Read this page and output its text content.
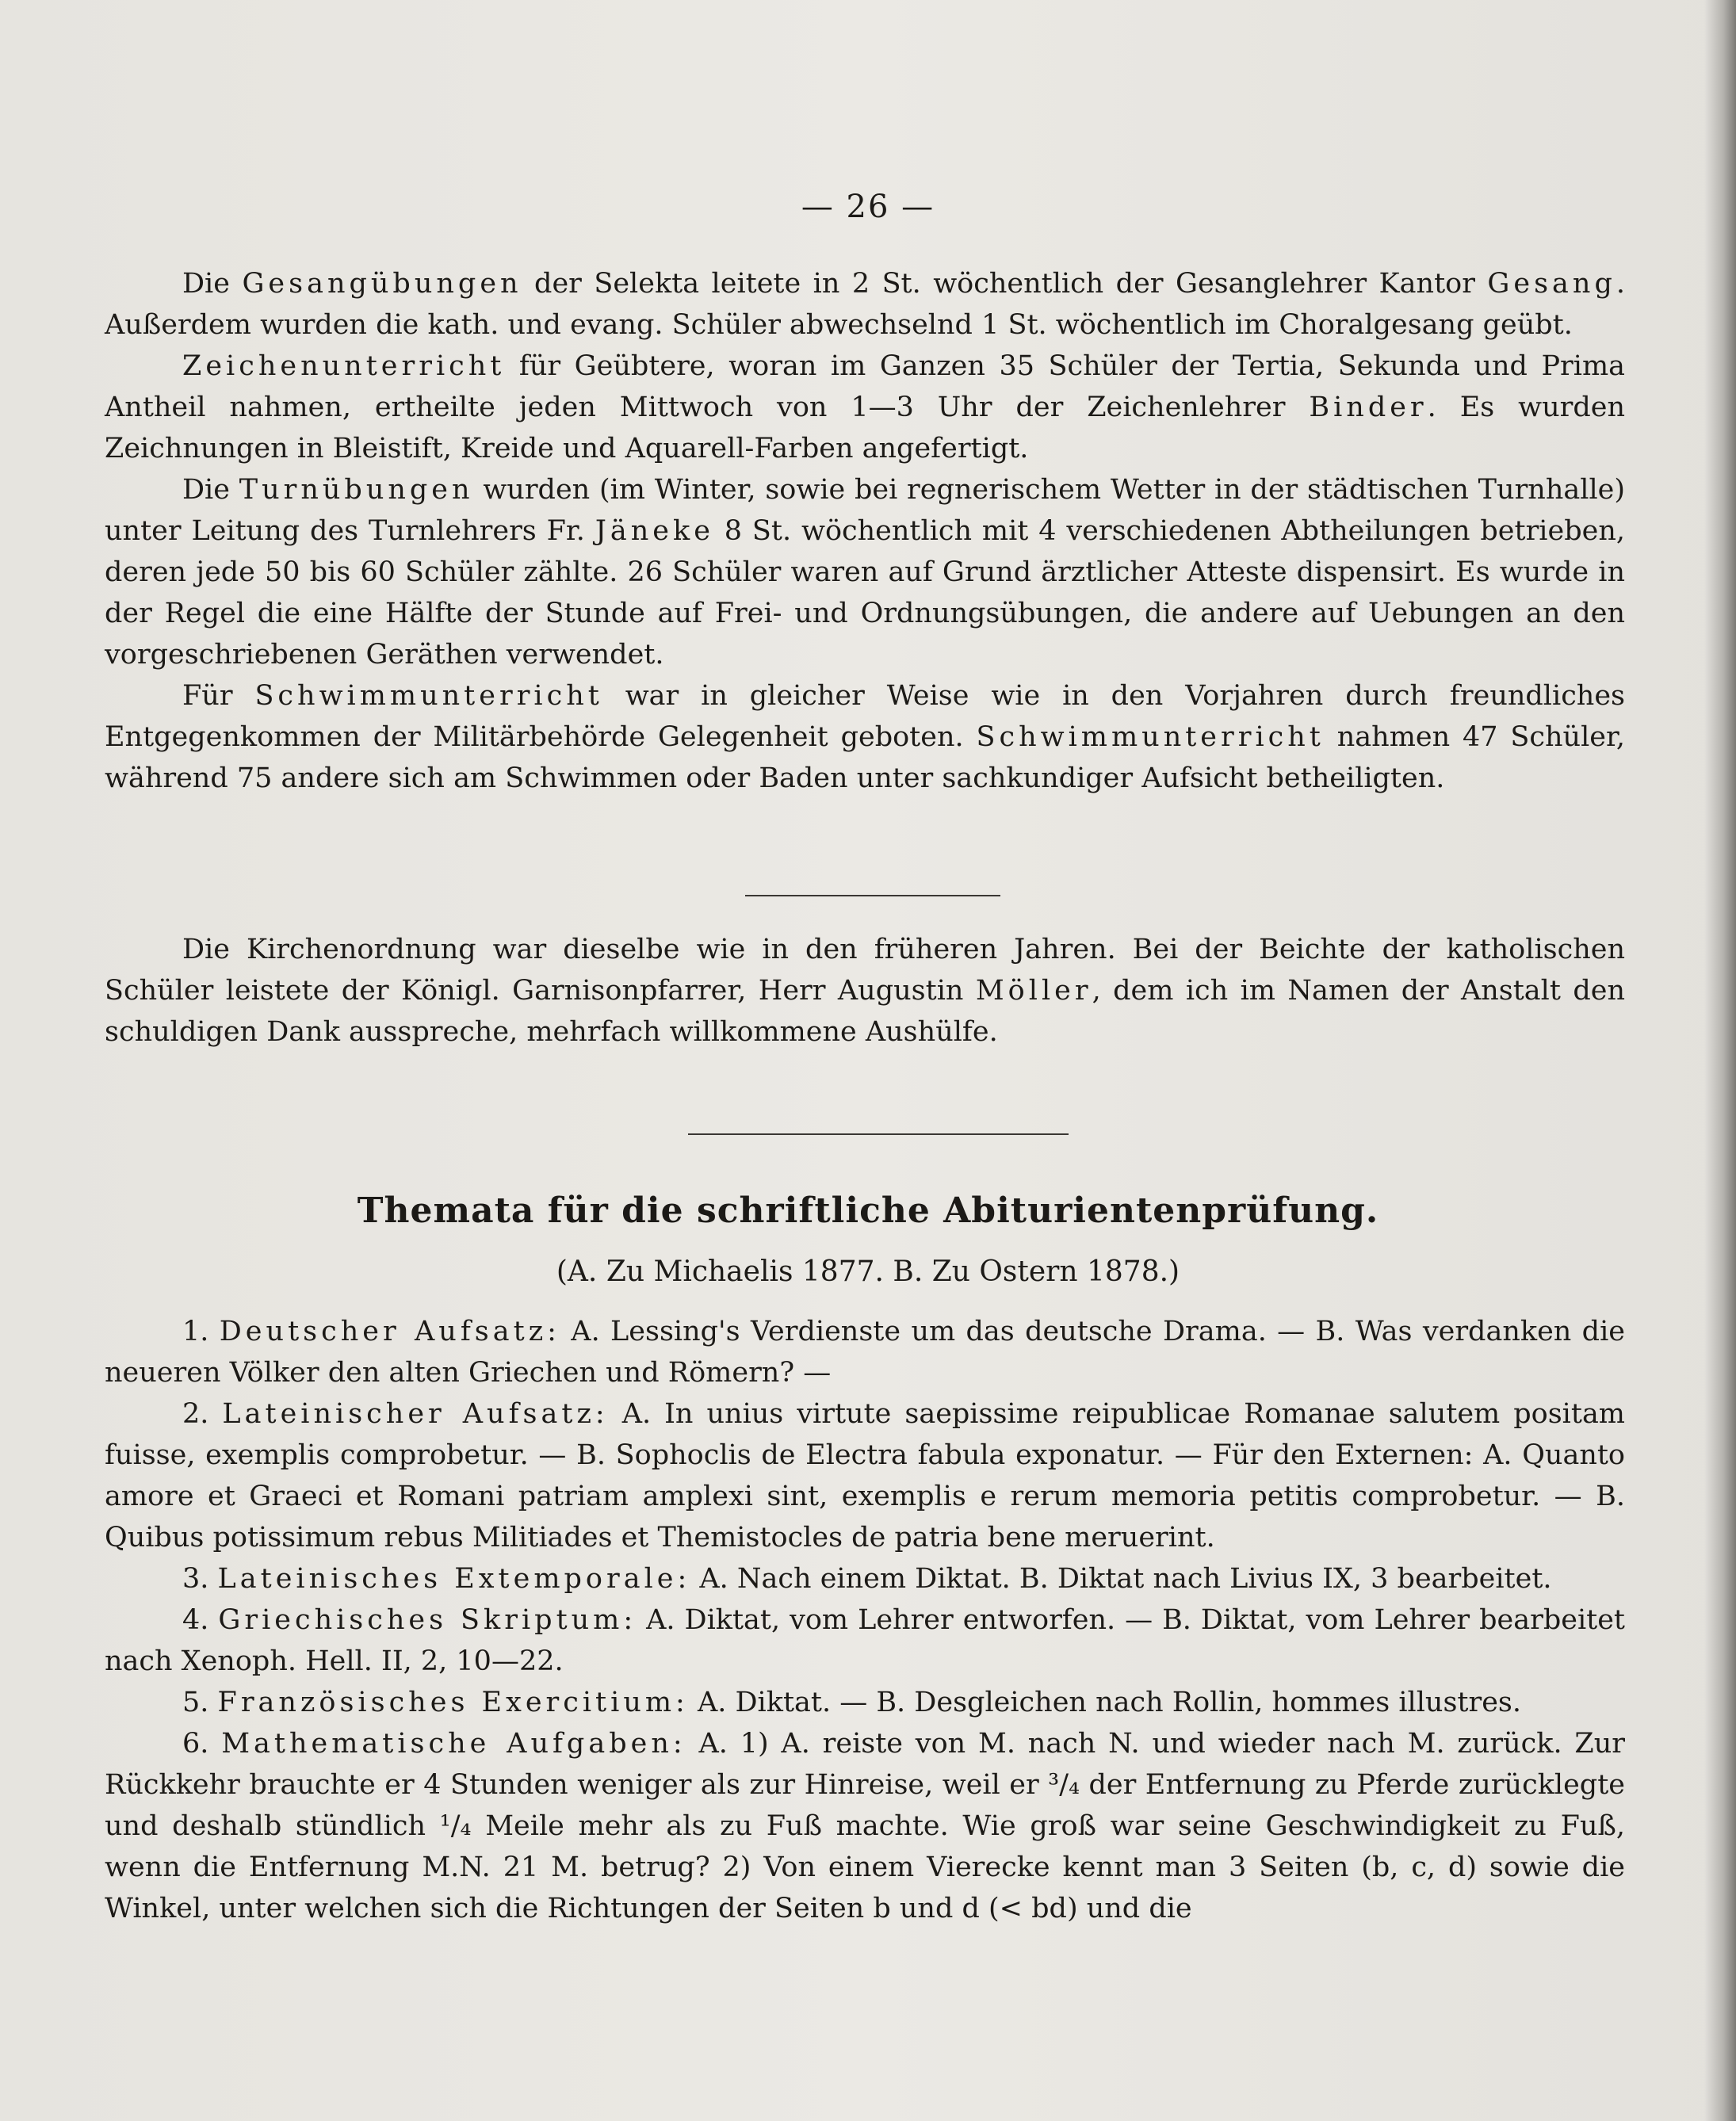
— 26 —

Die Gesangübungen der Selekta leitete in 2 St. wöchentlich der Gesanglehrer Kantor Gesang. Außerdem wurden die kath. und evang. Schüler abwechselnd 1 St. wöchentlich im Choralgesang geübt.

Zeichenunterricht für Geübtere, woran im Ganzen 35 Schüler der Tertia, Sekunda und Prima Antheil nahmen, ertheilte jeden Mittwoch von 1—3 Uhr der Zeichenlehrer Binder. Es wurden Zeichnungen in Bleistift, Kreide und Aquarell-Farben angefertigt.

Die Turnübungen wurden (im Winter, sowie bei regnerischem Wetter in der städtischen Turnhalle) unter Leitung des Turnlehrers Fr. Jäneke 8 St. wöchentlich mit 4 verschiedenen Abtheilungen betrieben, deren jede 50 bis 60 Schüler zählte. 26 Schüler waren auf Grund ärztlicher Atteste dispensirt. Es wurde in der Regel die eine Hälfte der Stunde auf Frei- und Ordnungsübungen, die andere auf Uebungen an den vorgeschriebenen Geräthen verwendet.

Für Schwimmunterricht war in gleicher Weise wie in den Vorjahren durch freundliches Entgegenkommen der Militärbehörde Gelegenheit geboten. Schwimmunterricht nahmen 47 Schüler, während 75 andere sich am Schwimmen oder Baden unter sachkundiger Aufsicht betheiligten.

Die Kirchenordnung war dieselbe wie in den früheren Jahren. Bei der Beichte der katholischen Schüler leistete der Königl. Garnisonpfarrer, Herr Augustin Möller, dem ich im Namen der Anstalt den schuldigen Dank ausspreche, mehrfach willkommene Aushülfe.

Themata für die schriftliche Abiturientenprüfung.
(A. Zu Michaelis 1877. B. Zu Ostern 1878.)

1. Deutscher Aufsatz: A. Lessing's Verdienste um das deutsche Drama. — B. Was verdanken die neueren Völker den alten Griechen und Römern? —

2. Lateinischer Aufsatz: A. In unius virtute saepissime reipublicae Romanae salutem positam fuisse, exemplis comprobetur. — B. Sophoclis de Electra fabula exponatur. — Für den Externen: A. Quanto amore et Graeci et Romani patriam amplexi sint, exemplis e rerum memoria petitis comprobetur. — B. Quibus potissimum rebus Militiades et Themistocles de patria bene meruerint.

3. Lateinisches Extemporale: A. Nach einem Diktat. B. Diktat nach Livius IX, 3 bearbeitet.

4. Griechisches Skriptum: A. Diktat, vom Lehrer entworfen. — B. Diktat, vom Lehrer bearbeitet nach Xenoph. Hell. II, 2, 10—22.

5. Französisches Exercitium: A. Diktat. — B. Desgleichen nach Rollin, hommes illustres.

6. Mathematische Aufgaben: A. 1) A. reiste von M. nach N. und wieder nach M. zurück. Zur Rückkehr brauchte er 4 Stunden weniger als zur Hinreise, weil er ³/₄ der Entfernung zu Pferde zurücklegte und deshalb stündlich ¹/₄ Meile mehr als zu Fuß machte. Wie groß war seine Geschwindigkeit zu Fuß, wenn die Entfernung M.N. 21 M. betrug? 2) Von einem Vierecke kennt man 3 Seiten (b, c, d) sowie die Winkel, unter welchen sich die Richtungen der Seiten b und d (< bd) und die
